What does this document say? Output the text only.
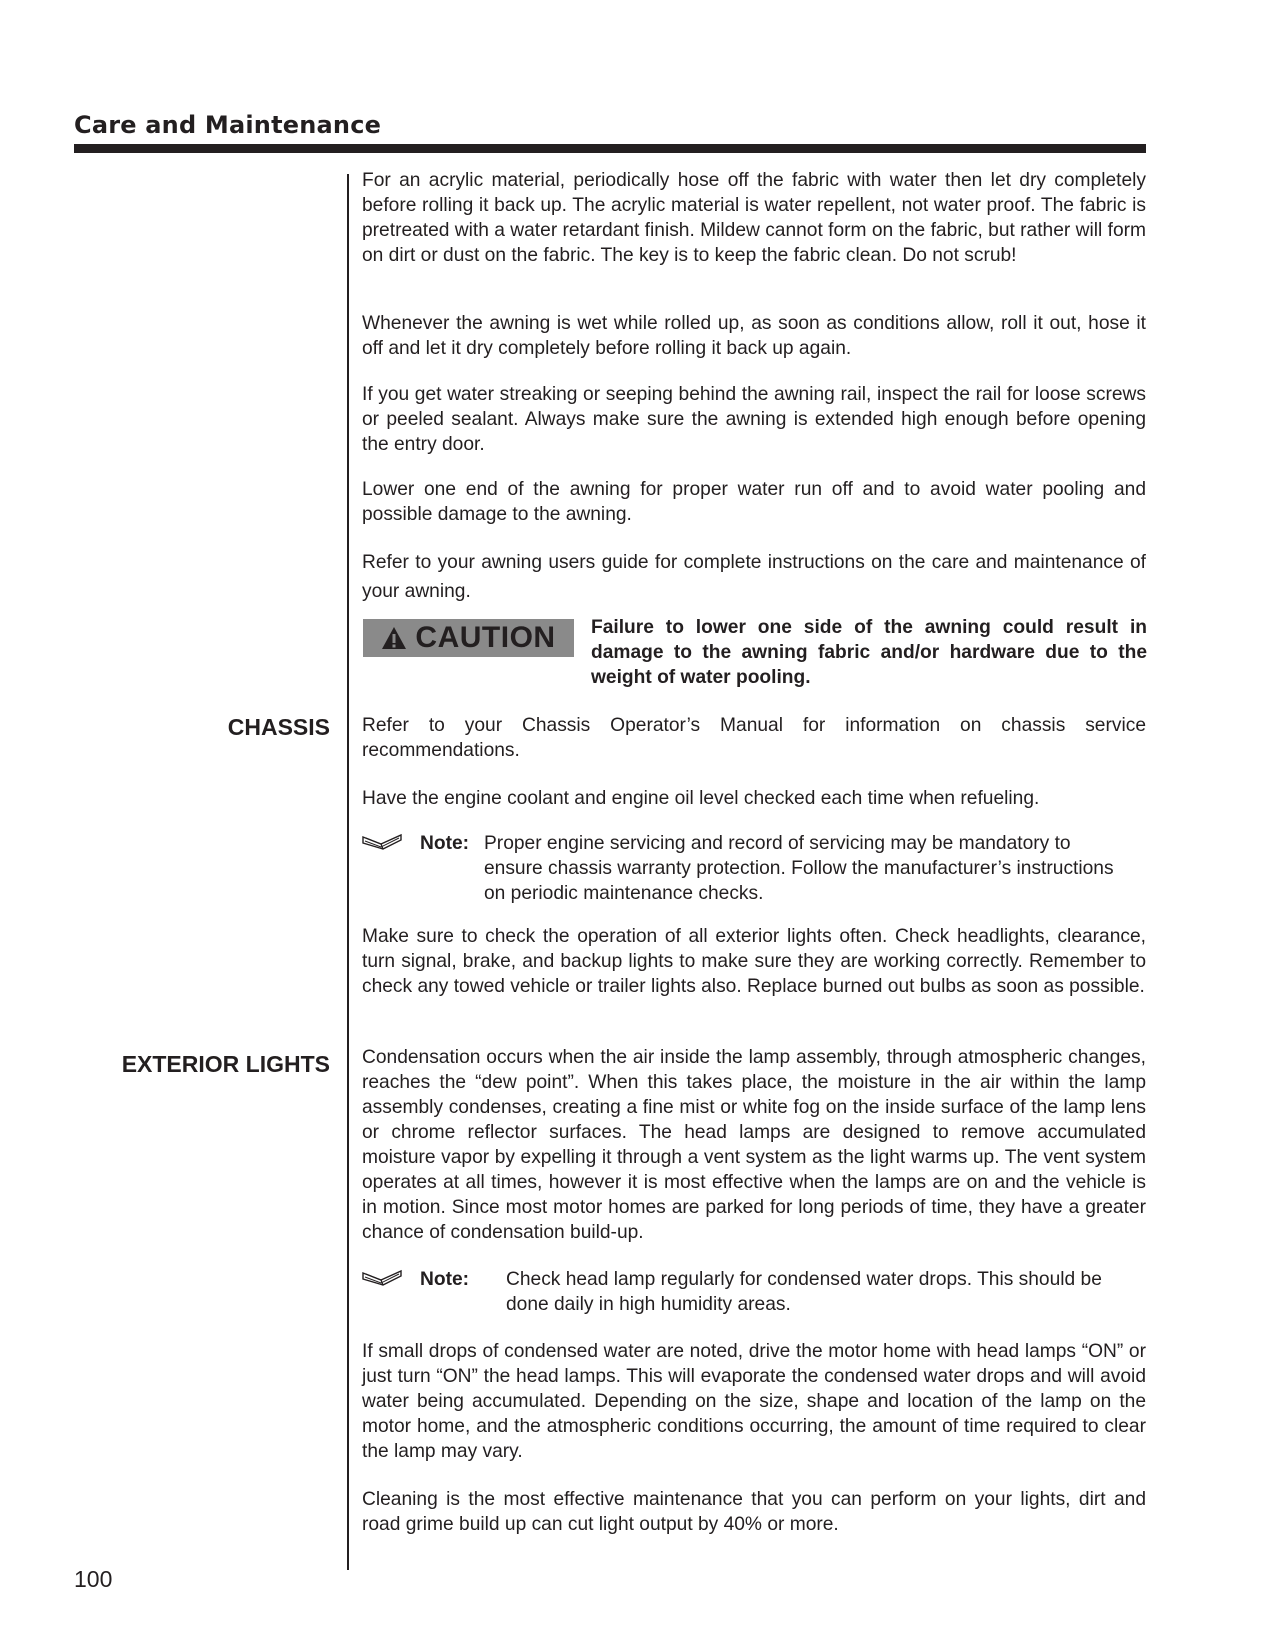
Care and Maintenance

For an acrylic material, periodically hose off the fabric with water then let dry completely before rolling it back up. The acrylic material is water repellent, not water proof. The fabric is pretreated with a water retardant finish. Mildew cannot form on the fabric, but rather will form on dirt or dust on the fabric. The key is to keep the fabric clean. Do not scrub!

Whenever the awning is wet while rolled up, as soon as conditions allow, roll it out, hose it off and let it dry completely before rolling it back up again.

If you get water streaking or seeping behind the awning rail, inspect the rail for loose screws or peeled sealant. Always make sure the awning is extended high enough before opening the entry door.

Lower one end of the awning for proper water run off and to avoid water pooling and possible damage to the awning.

Refer to your awning users guide for complete instructions on the care and maintenance of your awning.

CAUTION Failure to lower one side of the awning could result in damage to the awning fabric and/or hardware due to the weight of water pooling.

CHASSIS Refer to your Chassis Operator’s Manual for information on chassis service recommendations.

Have the engine coolant and engine oil level checked each time when refueling.

Note: Proper engine servicing and record of servicing may be mandatory to ensure chassis warranty protection. Follow the manufacturer’s instructions on periodic maintenance checks.

Make sure to check the operation of all exterior lights often. Check headlights, clearance, turn signal, brake, and backup lights to make sure they are working correctly. Remember to check any towed vehicle or trailer lights also. Replace burned out bulbs as soon as possible.

EXTERIOR LIGHTS Condensation occurs when the air inside the lamp assembly, through atmospheric changes, reaches the “dew point”. When this takes place, the moisture in the air within the lamp assembly condenses, creating a fine mist or white fog on the inside surface of the lamp lens or chrome reflector surfaces. The head lamps are designed to remove accumulated moisture vapor by expelling it through a vent system as the light warms up. The vent system operates at all times, however it is most effective when the lamps are on and the vehicle is in motion. Since most motor homes are parked for long periods of time, they have a greater chance of condensation build-up.

Note: Check head lamp regularly for condensed water drops. This should be done daily in high humidity areas.

If small drops of condensed water are noted, drive the motor home with head lamps “ON” or just turn “ON” the head lamps. This will evaporate the condensed water drops and will avoid water being accumulated. Depending on the size, shape and location of the lamp on the motor home, and the atmospheric conditions occurring, the amount of time required to clear the lamp may vary.

Cleaning is the most effective maintenance that you can perform on your lights, dirt and road grime build up can cut light output by 40% or more.

100
